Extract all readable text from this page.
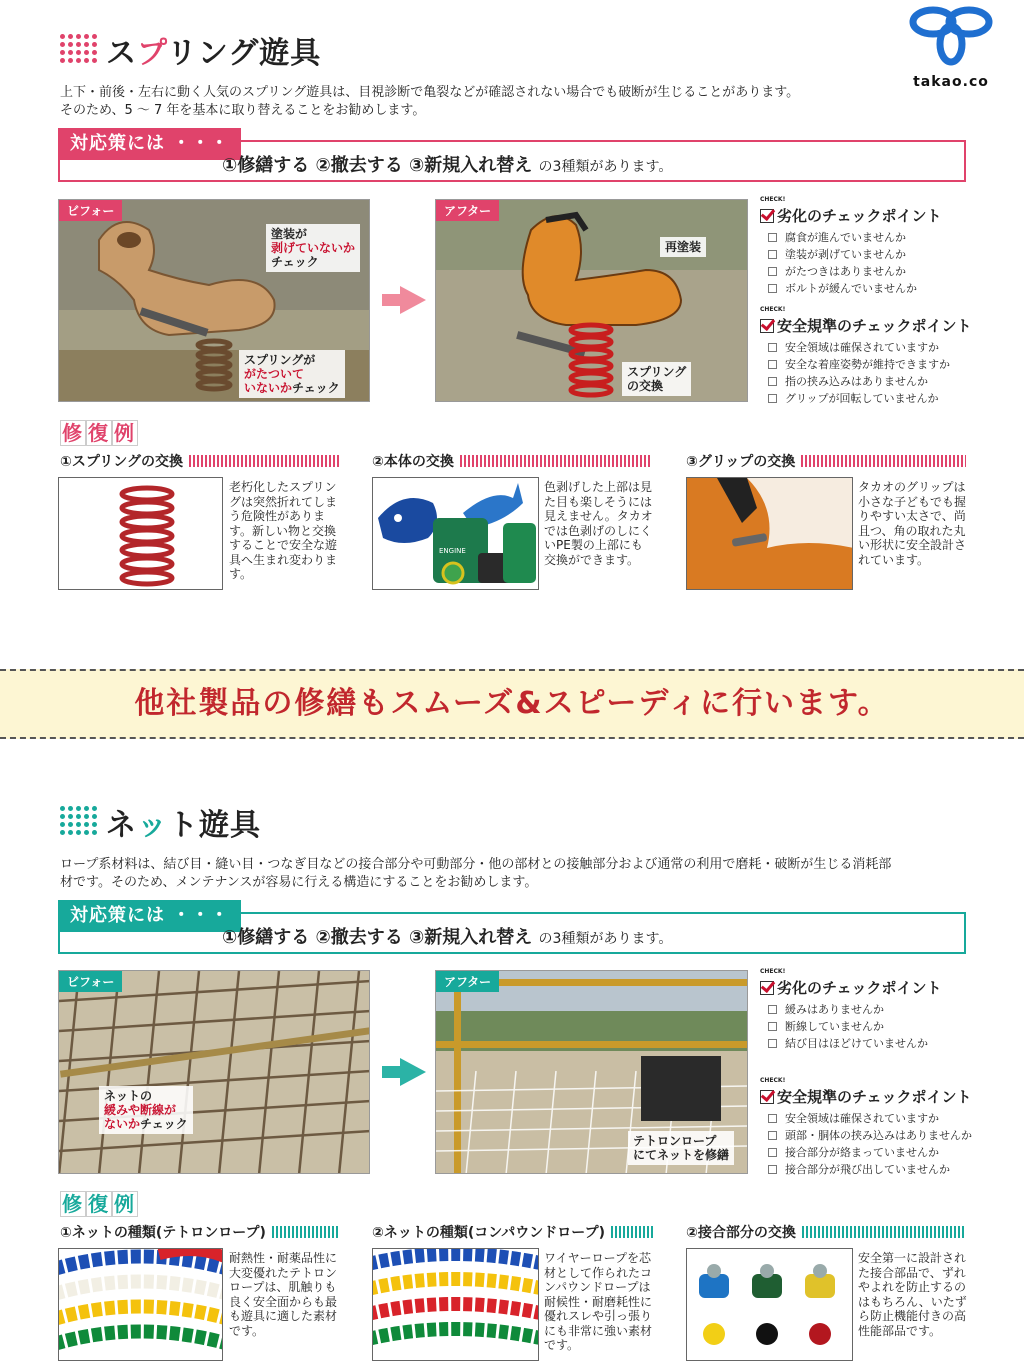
takao.co
スプリング遊具
上下・前後・左右に動く人気のスプリング遊具は、目視診断で亀裂などが確認されない場合でも破断が生じることがあります。
そのため、5 ～ 7 年を基本に取り替えることをお勧めします。
対応策には ・・・
①修繕する ②撤去する ③新規入れ替え の3種類があります。
ビフォー
塗装が
剥げていないか
チェック
スプリングが
がたついて
いないかチェック
アフター
再塗装
スプリング
の交換
CHECK!
劣化のチェックポイント
腐食が進んでいませんか
塗装が剥げていませんか
がたつきはありませんか
ボルトが緩んでいませんか
CHECK!
安全規準のチェックポイント
安全領域は確保されていますか
安全な着座姿勢が維持できますか
指の挟み込みはありませんか
グリップが回転していませんか
修 復 例
①スプリングの交換
老朽化したスプリングは突然折れてしまう危険性があります。新しい物と交換することで安全な遊具へ生まれ変わります。
②本体の交換
ENGINE
色剥げした上部は見た目も楽しそうには見えません。タカオでは色剥げのしにくいPE製の上部にも交換ができます。
③グリップの交換
タカオのグリップは小さな子どもでも握りやすい太さで、尚且つ、角の取れた丸い形状に安全設計されています。
他社製品の修繕もスムーズ&スピーディに行います。
ネット遊具
ロープ系材料は、結び目・縫い目・つなぎ目などの接合部分や可動部分・他の部材との接触部分および通常の利用で磨耗・破断が生じる消耗部
材です。そのため、メンテナンスが容易に行える構造にすることをお勧めします。
対応策には ・・・
①修繕する ②撤去する ③新規入れ替え の3種類があります。
ビフォー
ネットの
緩みや断線が
ないかチェック
アフター
テトロンロープ
にてネットを修繕
CHECK!
劣化のチェックポイント
緩みはありませんか
断線していませんか
結び目はほどけていませんか
CHECK!
安全規準のチェックポイント
安全領域は確保されていますか
頭部・胴体の挟み込みはありませんか
接合部分が絡まっていませんか
接合部分が飛び出していませんか
修 復 例
①ネットの種類(テトロンロープ)
耐熱性・耐薬品性に大変優れたテトロンロープは、肌触りも良く安全面からも最も遊具に適した素材です。
②ネットの種類(コンパウンドロープ)
ワイヤーロープを芯材として作られたコンパウンドロープは耐候性・耐磨耗性に優れスレや引っ張りにも非常に強い素材です。
②接合部分の交換
安全第一に設計された接合部品で、ずれやよれを防止するのはもちろん、いたずら防止機能付きの高性能部品です。
